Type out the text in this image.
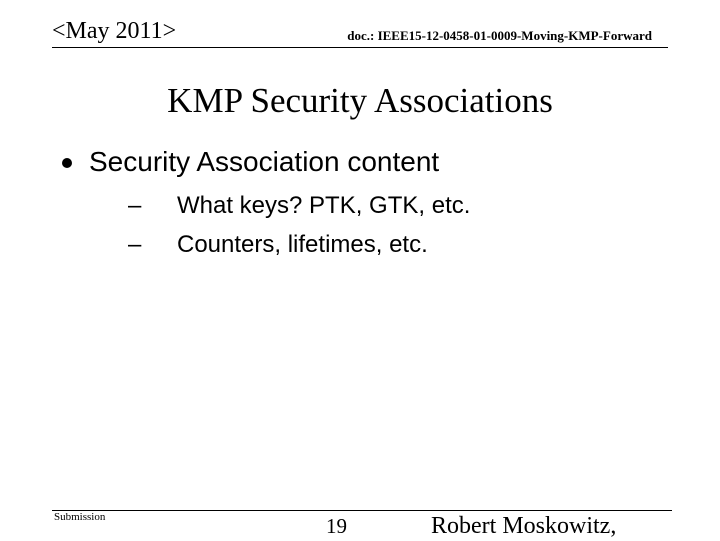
<May 2011>	doc.: IEEE15-12-0458-01-0009-Moving-KMP-Forward
KMP Security Associations
Security Association content
– What keys? PTK, GTK, etc.
– Counters, lifetimes, etc.
Submission	19	Robert Moskowitz,
